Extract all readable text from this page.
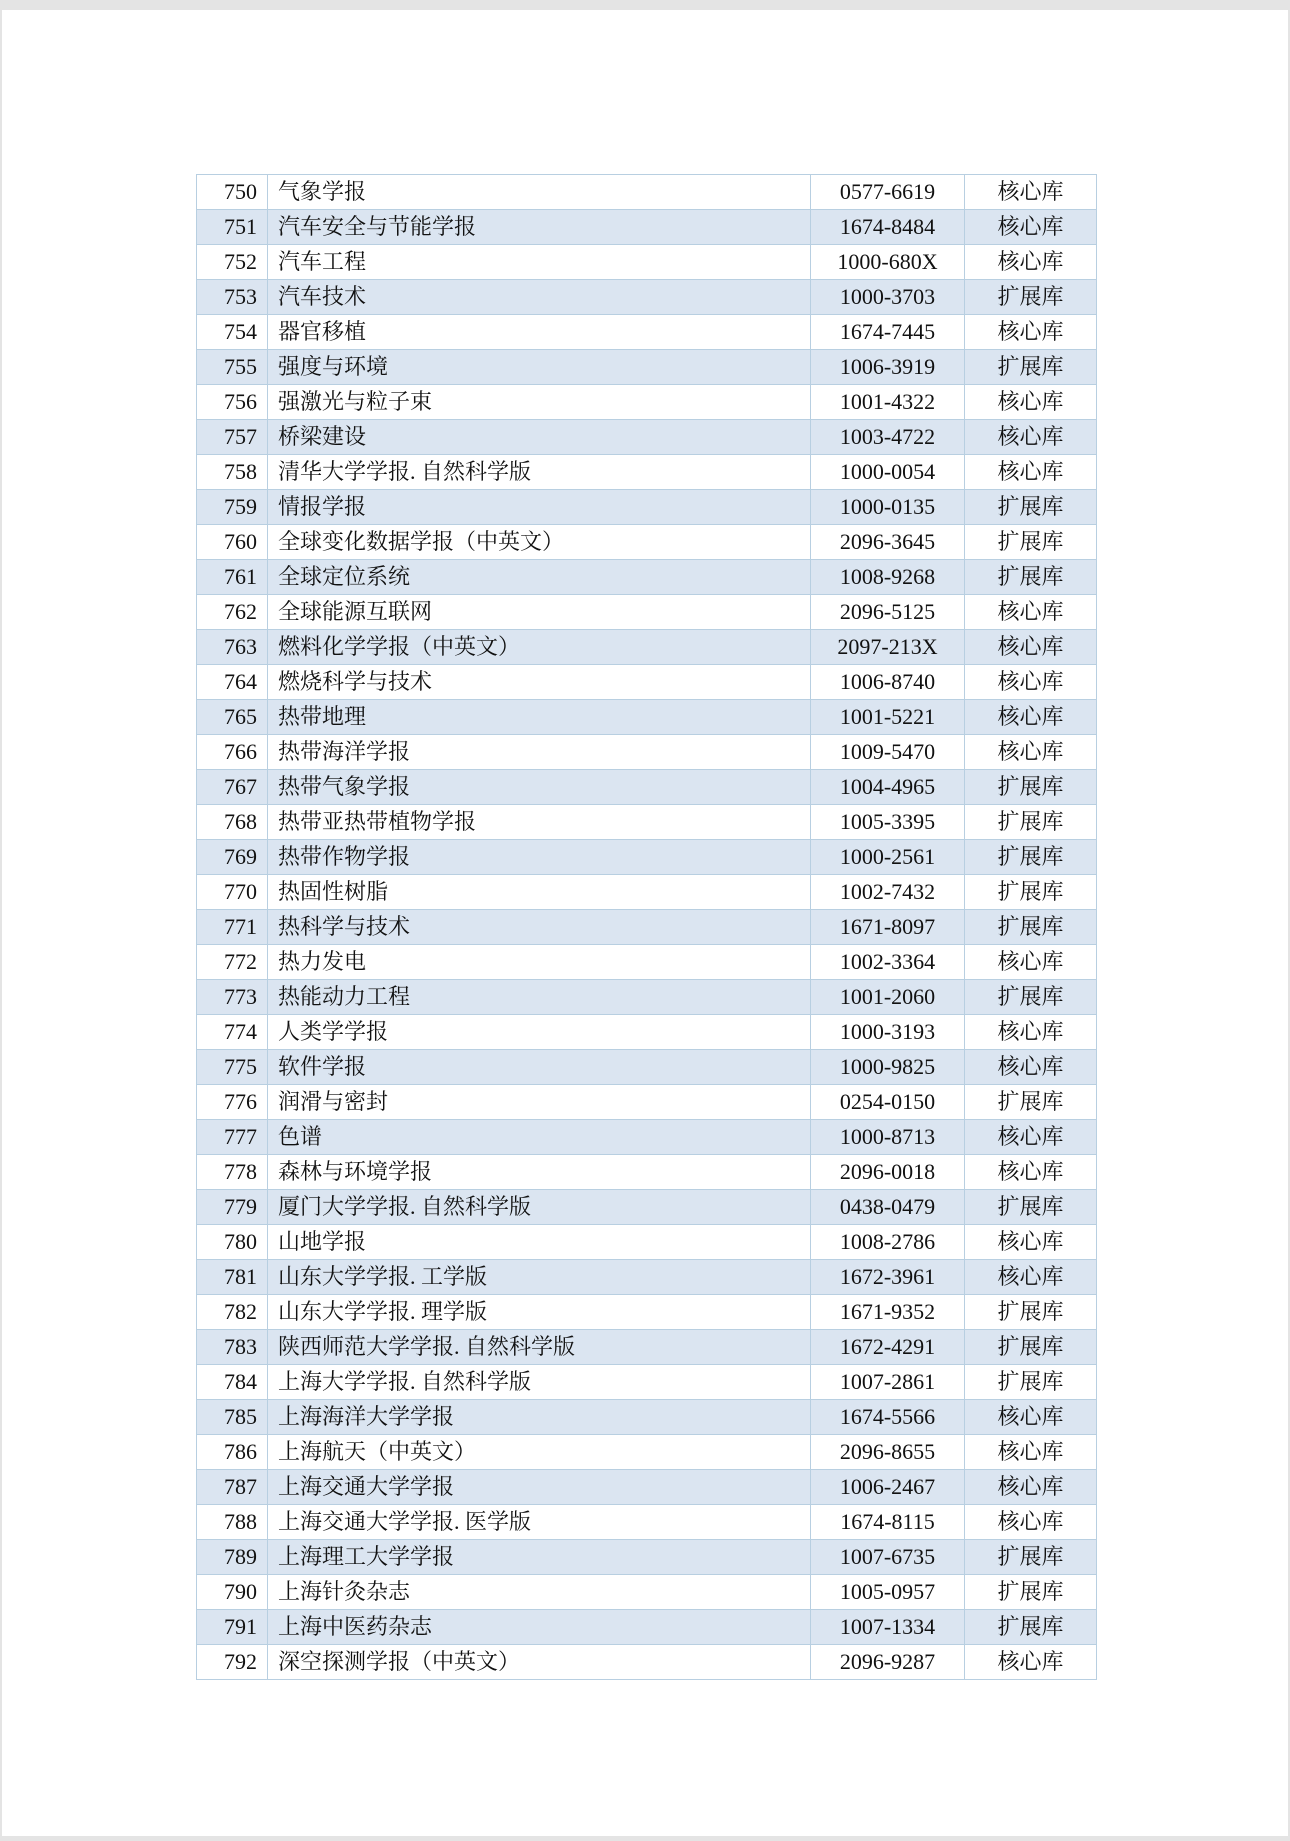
750	气象学报	0577-6619	核心库
751	汽车安全与节能学报	1674-8484	核心库
752	汽车工程	1000-680X	核心库
753	汽车技术	1000-3703	扩展库
754	器官移植	1674-7445	核心库
755	强度与环境	1006-3919	扩展库
756	强激光与粒子束	1001-4322	核心库
757	桥梁建设	1003-4722	核心库
758	清华大学学报. 自然科学版	1000-0054	核心库
759	情报学报	1000-0135	扩展库
760	全球变化数据学报（中英文）	2096-3645	扩展库
761	全球定位系统	1008-9268	扩展库
762	全球能源互联网	2096-5125	核心库
763	燃料化学学报（中英文）	2097-213X	核心库
764	燃烧科学与技术	1006-8740	核心库
765	热带地理	1001-5221	核心库
766	热带海洋学报	1009-5470	核心库
767	热带气象学报	1004-4965	扩展库
768	热带亚热带植物学报	1005-3395	扩展库
769	热带作物学报	1000-2561	扩展库
770	热固性树脂	1002-7432	扩展库
771	热科学与技术	1671-8097	扩展库
772	热力发电	1002-3364	核心库
773	热能动力工程	1001-2060	扩展库
774	人类学学报	1000-3193	核心库
775	软件学报	1000-9825	核心库
776	润滑与密封	0254-0150	扩展库
777	色谱	1000-8713	核心库
778	森林与环境学报	2096-0018	核心库
779	厦门大学学报. 自然科学版	0438-0479	扩展库
780	山地学报	1008-2786	核心库
781	山东大学学报. 工学版	1672-3961	核心库
782	山东大学学报. 理学版	1671-9352	扩展库
783	陕西师范大学学报. 自然科学版	1672-4291	扩展库
784	上海大学学报. 自然科学版	1007-2861	扩展库
785	上海海洋大学学报	1674-5566	核心库
786	上海航天（中英文）	2096-8655	核心库
787	上海交通大学学报	1006-2467	核心库
788	上海交通大学学报. 医学版	1674-8115	核心库
789	上海理工大学学报	1007-6735	扩展库
790	上海针灸杂志	1005-0957	扩展库
791	上海中医药杂志	1007-1334	扩展库
792	深空探测学报（中英文）	2096-9287	核心库
